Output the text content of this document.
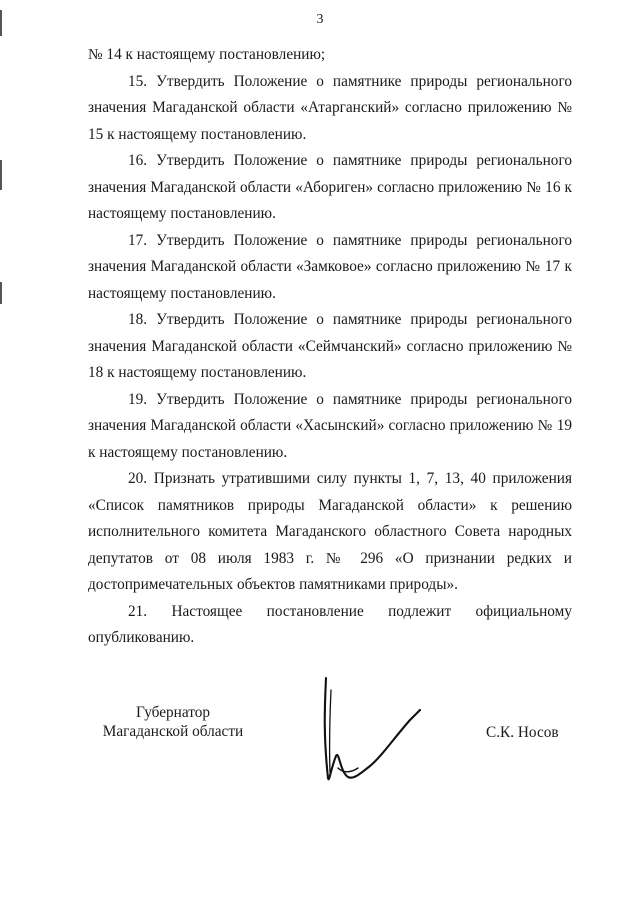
3

№ 14 к настоящему постановлению;

15. Утвердить Положение о памятнике природы регионального значения Магаданской области «Атарганский» согласно приложению № 15 к настоящему постановлению.

16. Утвердить Положение о памятнике природы регионального значения Магаданской области «Абориген» согласно приложению № 16 к настоящему постановлению.

17. Утвердить Положение о памятнике природы регионального значения Магаданской области «Замковое» согласно приложению № 17 к настоящему постановлению.

18. Утвердить Положение о памятнике природы регионального значения Магаданской области «Сеймчанский» согласно приложению № 18 к настоящему постановлению.

19. Утвердить Положение о памятнике природы регионального значения Магаданской области «Хасынский» согласно приложению № 19 к настоящему постановлению.

20. Признать утратившими силу пункты 1, 7, 13, 40 приложения «Список памятников природы Магаданской области» к решению исполнительного комитета Магаданского областного Совета народных депутатов от 08 июля 1983 г. № 296 «О признании редких и достопримечательных объектов памятниками природы».

21. Настоящее постановление подлежит официальному опубликованию.

Губернатор
Магаданской области	С.К. Носов
